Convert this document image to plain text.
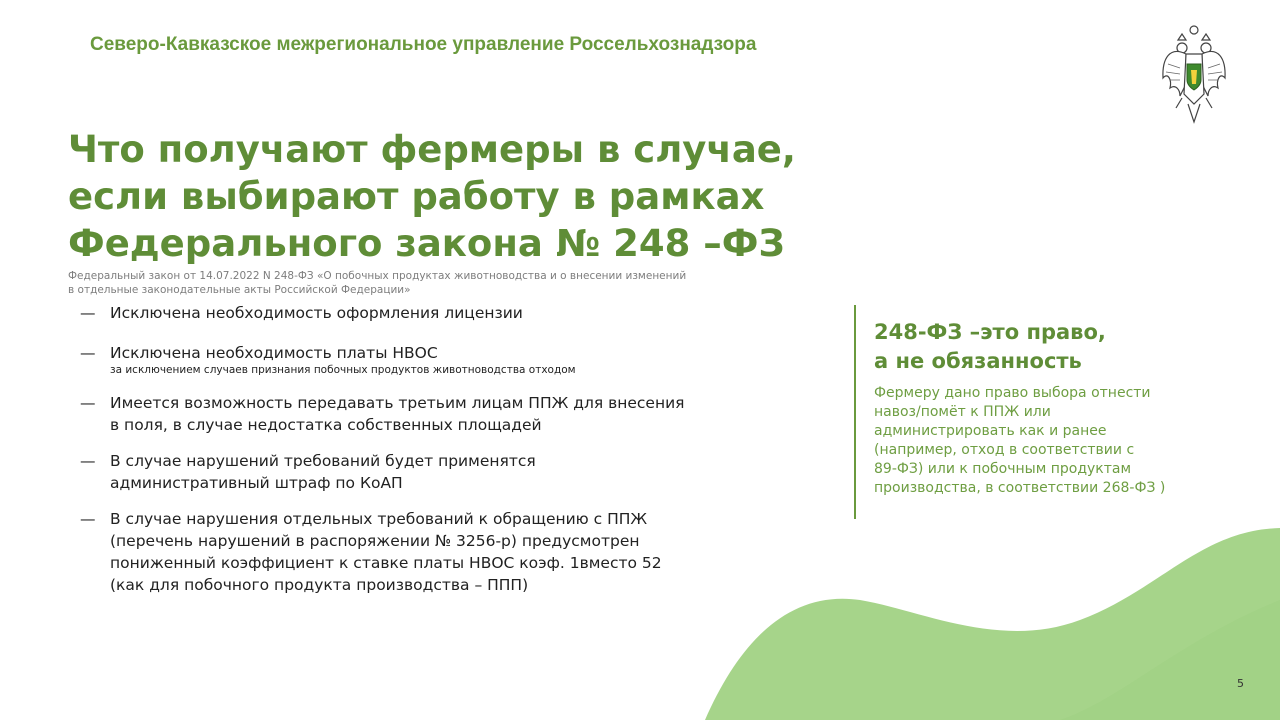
Северо-Кавказское межрегиональное управление Россельхознадзора
Что получают фермеры в случае,
если выбирают работу в рамках
Федерального закона № 248 –ФЗ
Федеральный закон от 14.07.2022 N 248-ФЗ «О побочных продуктах животноводства и о внесении изменений
в отдельные законодательные акты Российской Федерации»
— Исключена необходимость оформления лицензии
— Исключена необходимость платы НВОС
за исключением случаев признания побочных продуктов животноводства отходом
— Имеется возможность передавать третьим лицам ППЖ для внесения
в поля, в случае недостатка собственных площадей
— В случае нарушений требований будет применятся
административный штраф по КоАП
— В случае нарушения отдельных требований к обращению с ППЖ
(перечень нарушений в распоряжении № 3256-р) предусмотрен
пониженный коэффициент к ставке платы НВОС коэф. 1вместо 52
(как для побочного продукта производства – ППП)
248-ФЗ –это право,
а не обязанность
Фермеру дано право выбора отнести
навоз/помёт к ППЖ или
администрировать как и ранее
(например, отход в соответствии с
89-ФЗ) или к побочным продуктам
производства, в соответствии 268-ФЗ )
5
